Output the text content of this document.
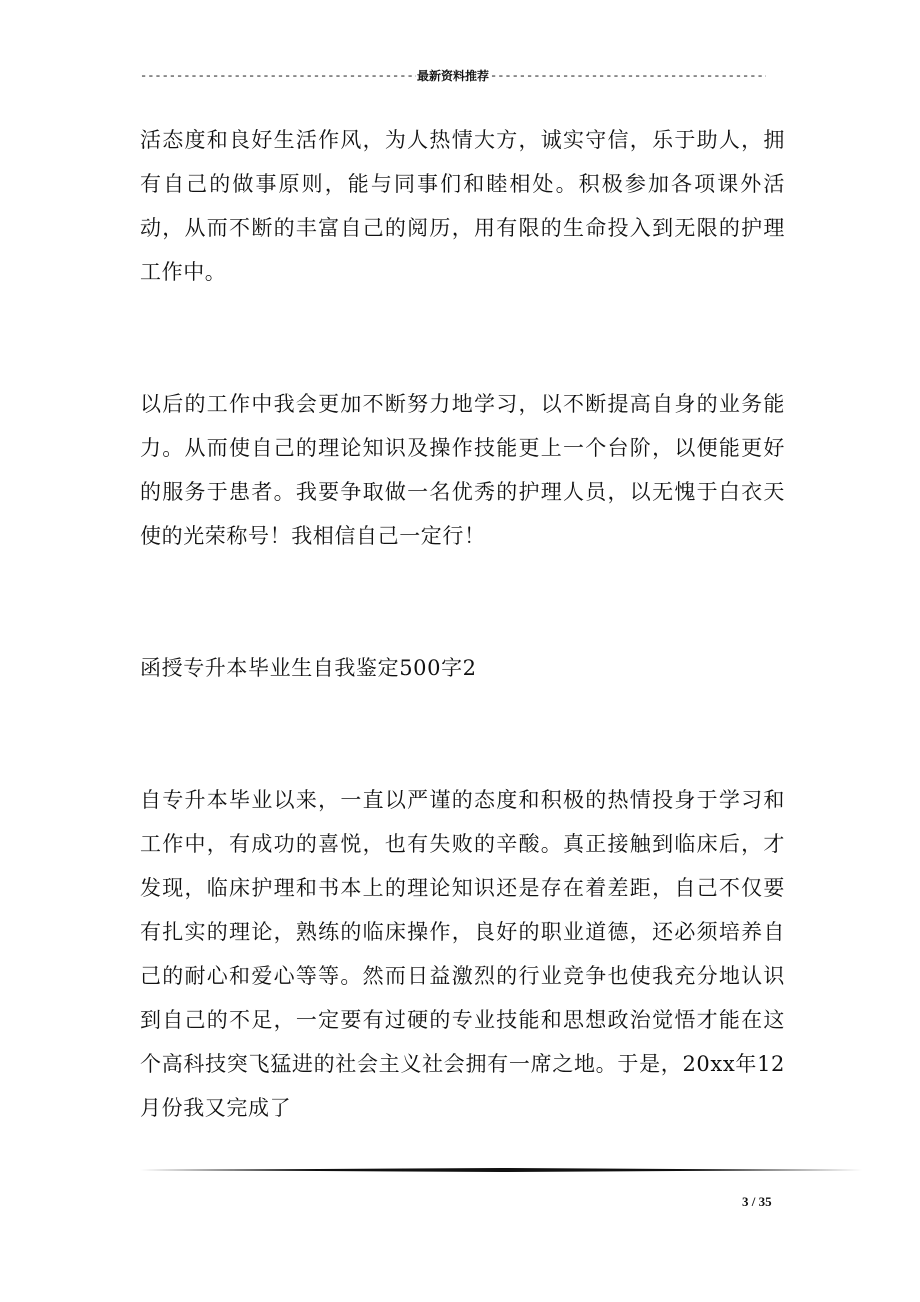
-----
最新资料推荐
-----

活态度和良好生活作风，为人热情大方，诚实守信，乐于助人，拥有自己的做事原则，能与同事们和睦相处。积极参加各项课外活动，从而不断的丰富自己的阅历，用有限的生命投入到无限的护理工作中。

以后的工作中我会更加不断努力地学习，以不断提高自身的业务能力。从而使自己的理论知识及操作技能更上一个台阶，以便能更好的服务于患者。我要争取做一名优秀的护理人员，以无愧于白衣天使的光荣称号！我相信自己一定行！

函授专升本毕业生自我鉴定500字2

自专升本毕业以来，一直以严谨的态度和积极的热情投身于学习和工作中，有成功的喜悦，也有失败的辛酸。真正接触到临床后，才发现，临床护理和书本上的理论知识还是存在着差距，自己不仅要有扎实的理论，熟练的临床操作，良好的职业道德，还必须培养自己的耐心和爱心等等。然而日益激烈的行业竞争也使我充分地认识到自己的不足，一定要有过硬的专业技能和思想政治觉悟才能在这个高科技突飞猛进的社会主义社会拥有一席之地。于是，20xx年12月份我又完成了

3 / 35
